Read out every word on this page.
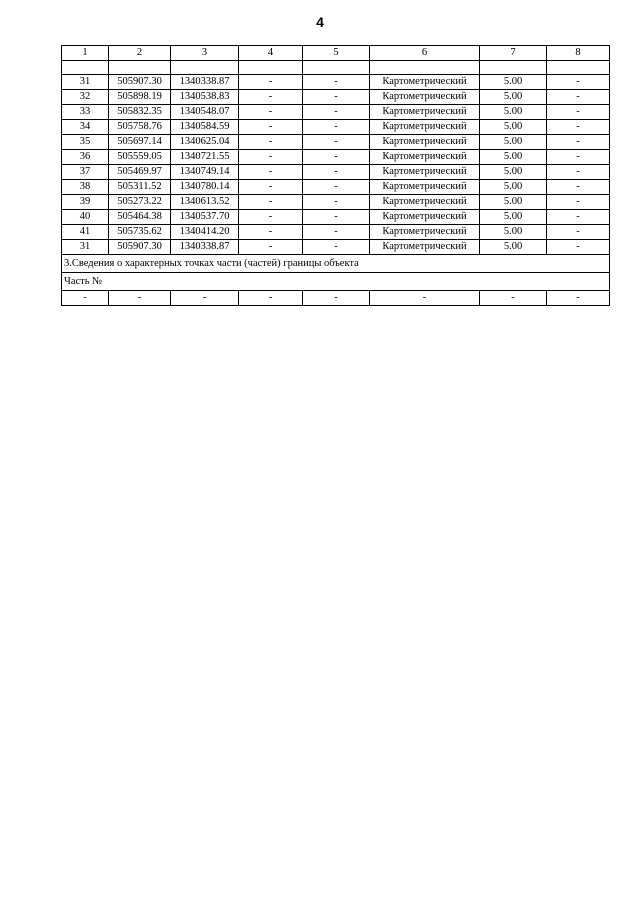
4
1	2	3	4	5	6	7	8

31	505907.30	1340338.87	-	-	Картометрический	5.00	-
32	505898.19	1340538.83	-	-	Картометрический	5.00	-
33	505832.35	1340548.07	-	-	Картометрический	5.00	-
34	505758.76	1340584.59	-	-	Картометрический	5.00	-
35	505697.14	1340625.04	-	-	Картометрический	5.00	-
36	505559.05	1340721.55	-	-	Картометрический	5.00	-
37	505469.97	1340749.14	-	-	Картометрический	5.00	-
38	505311.52	1340780.14	-	-	Картометрический	5.00	-
39	505273.22	1340613.52	-	-	Картометрический	5.00	-
40	505464.38	1340537.70	-	-	Картометрический	5.00	-
41	505735.62	1340414.20	-	-	Картометрический	5.00	-
31	505907.30	1340338.87	-	-	Картометрический	5.00	-
3.Сведения о характерных точках части (частей) границы объекта							
Часть №							
-	-	-	-	-	-	-	-
